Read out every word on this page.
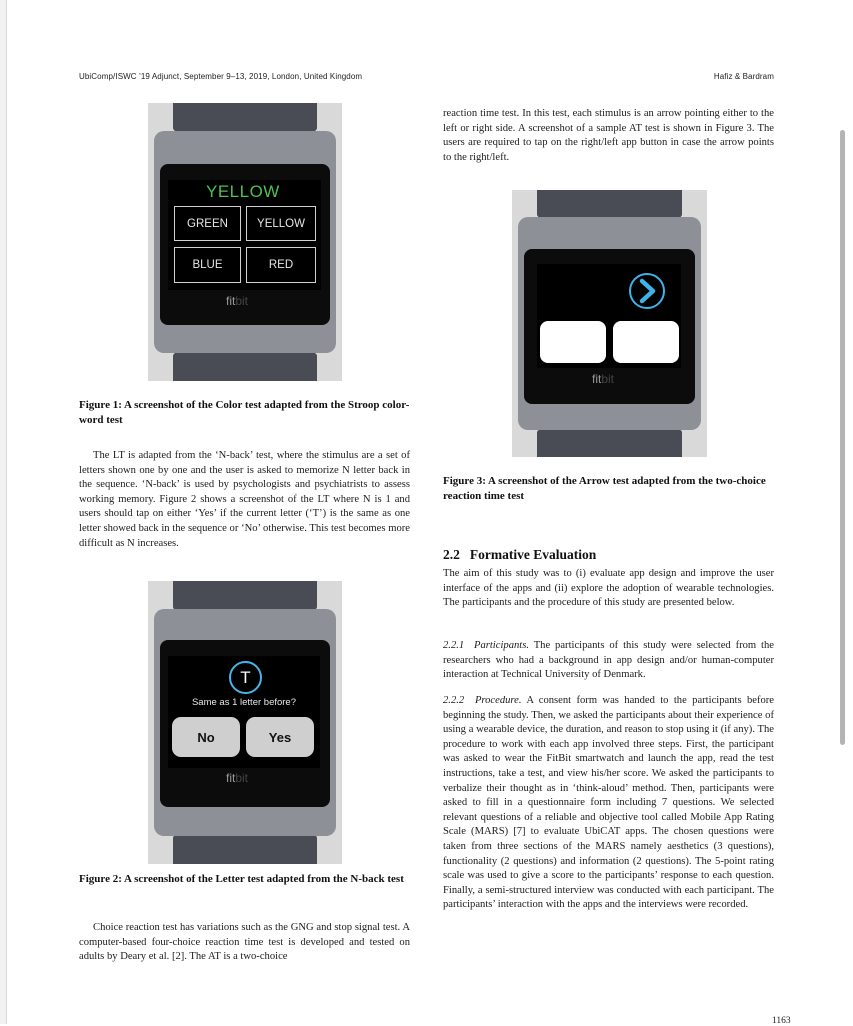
UbiComp/ISWC ’19 Adjunct, September 9–13, 2019, London, United Kingdom	Hafiz & Bardram
YELLOW
GREEN	YELLOW
BLUE	RED
fitbit
Figure 1: A screenshot of the Color test adapted from the Stroop color-word test
The LT is adapted from the ‘N-back’ test, where the stimulus are a set of letters shown one by one and the user is asked to memorize N letter back in the sequence. ‘N-back’ is used by psychologists and psychiatrists to assess working memory. Figure 2 shows a screenshot of the LT where N is 1 and users should tap on either ‘Yes’ if the current letter (‘T’) is the same as one letter showed back in the sequence or ‘No’ otherwise. This test becomes more difficult as N increases.
T
Same as 1 letter before?
No	Yes
fitbit
Figure 2: A screenshot of the Letter test adapted from the N-back test
Choice reaction test has variations such as the GNG and stop signal test. A computer-based four-choice reaction time test is developed and tested on adults by Deary et al. [2]. The AT is a two-choice
reaction time test. In this test, each stimulus is an arrow pointing either to the left or right side. A screenshot of a sample AT test is shown in Figure 3. The users are required to tap on the right/left app button in case the arrow points to the right/left.
fitbit
Figure 3: A screenshot of the Arrow test adapted from the two-choice reaction time test
2.2 Formative Evaluation
The aim of this study was to (i) evaluate app design and improve the user interface of the apps and (ii) explore the adoption of wearable technologies. The participants and the procedure of this study are presented below.
2.2.1 Participants. The participants of this study were selected from the researchers who had a background in app design and/or human-computer interaction at Technical University of Denmark.
2.2.2 Procedure. A consent form was handed to the participants before beginning the study. Then, we asked the participants about their experience of using a wearable device, the duration, and reason to stop using it (if any). The procedure to work with each app involved three steps. First, the participant was asked to wear the FitBit smartwatch and launch the app, read the test instructions, take a test, and view his/her score. We asked the participants to verbalize their thought as in ‘think-aloud’ method. Then, participants were asked to fill in a questionnaire form including 7 questions. We selected relevant questions of a reliable and objective tool called Mobile App Rating Scale (MARS) [7] to evaluate UbiCAT apps. The chosen questions were taken from three sections of the MARS namely aesthetics (3 questions), functionality (2 questions) and information (2 questions). The 5-point rating scale was used to give a score to the participants’ response to each question. Finally, a semi-structured interview was conducted with each participant. The participants’ interaction with the apps and the interviews were recorded.
1163
